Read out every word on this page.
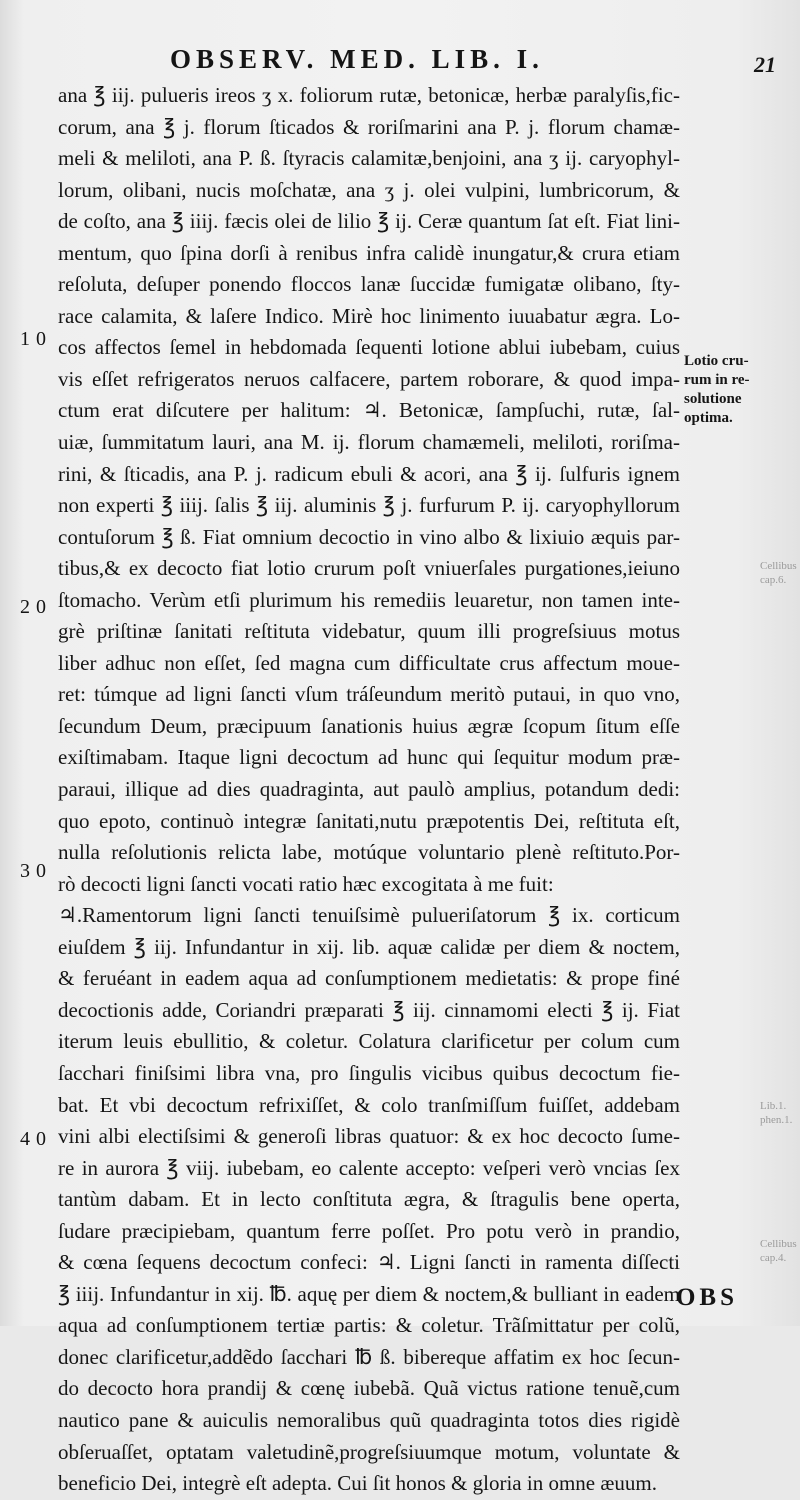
OBSERV. MED. LIB. I.	21
10
20
30
40
Lotio cru-
rum in re-
solutione
optima.
Cellibus
cap.6.
Lib.1.
phen.1.
Cellibus
cap.4.
ana ℥ iij. pulueris ireos ʒ x. foliorum rutæ, betonicæ, herbæ paralyſis,fic-
corum, ana ℥ j. florum ſticados & roriſmarini ana P. j. florum chamæ-
meli & meliloti, ana P. ß. ſtyracis calamitæ,benjoini, ana ʒ ij. caryophyl-
lorum, olibani, nucis moſchatæ, ana ʒ j. olei vulpini, lumbricorum, &
de coſto, ana ℥ iiij. fæcis olei de lilio ℥ ij. Ceræ quantum ſat eſt. Fiat lini-
mentum, quo ſpina dorſi à renibus infra calidè inungatur,& crura etiam
reſoluta, deſuper ponendo floccos lanæ ſuccidæ fumigatæ olibano, ſty-
race calamita, & laſere Indico. Mirè hoc linimento iuuabatur ægra. Lo-
cos affectos ſemel in hebdomada ſequenti lotione ablui iubebam, cuius
vis eſſet refrigeratos neruos calfacere, partem roborare, & quod impa-
ctum erat diſcutere per halitum: ♃. Betonicæ, ſampſuchi, rutæ, ſal-
uiæ, ſummitatum lauri, ana M. ij. florum chamæmeli, meliloti, roriſma-
rini, & ſticadis, ana P. j. radicum ebuli & acori, ana ℥ ij. ſulfuris ignem
non experti ℥ iiij. ſalis ℥ iij. aluminis ℥ j. furfurum P. ij. caryophyllorum
contuſorum ℥ ß. Fiat omnium decoctio in vino albo & lixiuio æquis par-
tibus,& ex decocto fiat lotio crurum poſt vniuerſales purgationes,ieiuno
ſtomacho. Verùm etſi plurimum his remediis leuaretur, non tamen inte-
grè priſtinæ ſanitati reſtituta videbatur, quum illi progreſsiuus motus
liber adhuc non eſſet, ſed magna cum difficultate crus affectum moue-
ret: túmque ad ligni ſancti vſum tráſeundum meritò putaui, in quo vno,
ſecundum Deum, præcipuum ſanationis huius ægræ ſcopum ſitum eſſe
exiſtimabam. Itaque ligni decoctum ad hunc qui ſequitur modum præ-
paraui, illique ad dies quadraginta, aut paulò amplius, potandum dedi:
quo epoto, continuò integræ ſanitati,nutu præpotentis Dei, reſtituta eſt,
nulla reſolutionis relicta labe, motúque voluntario plenè reſtituto.Por-
rò decocti ligni ſancti vocati ratio hæc excogitata à me fuit:
♃.Ramentorum ligni ſancti tenuiſsimè pulueriſatorum ℥ ix. corticum
eiuſdem ℥ iij. Infundantur in xij. lib. aquæ calidæ per diem & noctem,
& feruéant in eadem aqua ad conſumptionem medietatis: & prope finé
decoctionis adde, Coriandri præparati ℥ iij. cinnamomi electi ℥ ij. Fiat
iterum leuis ebullitio, & coletur. Colatura clarificetur per colum cum
ſacchari finiſsimi libra vna, pro ſingulis vicibus quibus decoctum fie-
bat. Et vbi decoctum refrixiſſet, & colo tranſmiſſum fuiſſet, addebam
vini albi electiſsimi & generoſi libras quatuor: & ex hoc decocto ſume-
re in aurora ℥ viij. iubebam, eo calente accepto: veſperi verò vncias ſex
tantùm dabam. Et in lecto conſtituta ægra, & ſtragulis bene operta,
ſudare præcipiebam, quantum ferre poſſet. Pro potu verò in prandio,
& cœna ſequens decoctum confeci: ♃. Ligni ſancti in ramenta diſſecti
℥ iiij. Infundantur in xij. ℔. aquę per diem & noctem,& bulliant in eadem
aqua ad conſumptionem tertiæ partis: & coletur. Trãſmittatur per colũ,
donec clarificetur,addẽdo ſacchari ℔ ß. bibereque affatim ex hoc ſecun-
do decocto hora prandij & cœnę iubebã. Quã victus ratione tenuẽ,cum
nautico pane & auiculis nemoralibus quũ quadraginta totos dies rigidè
obſeruaſſet, optatam valetudinẽ,progreſsiuumque motum, voluntate &
beneficio Dei, integrè eſt adepta. Cui ſit honos & gloria in omne æuum.
OBS
